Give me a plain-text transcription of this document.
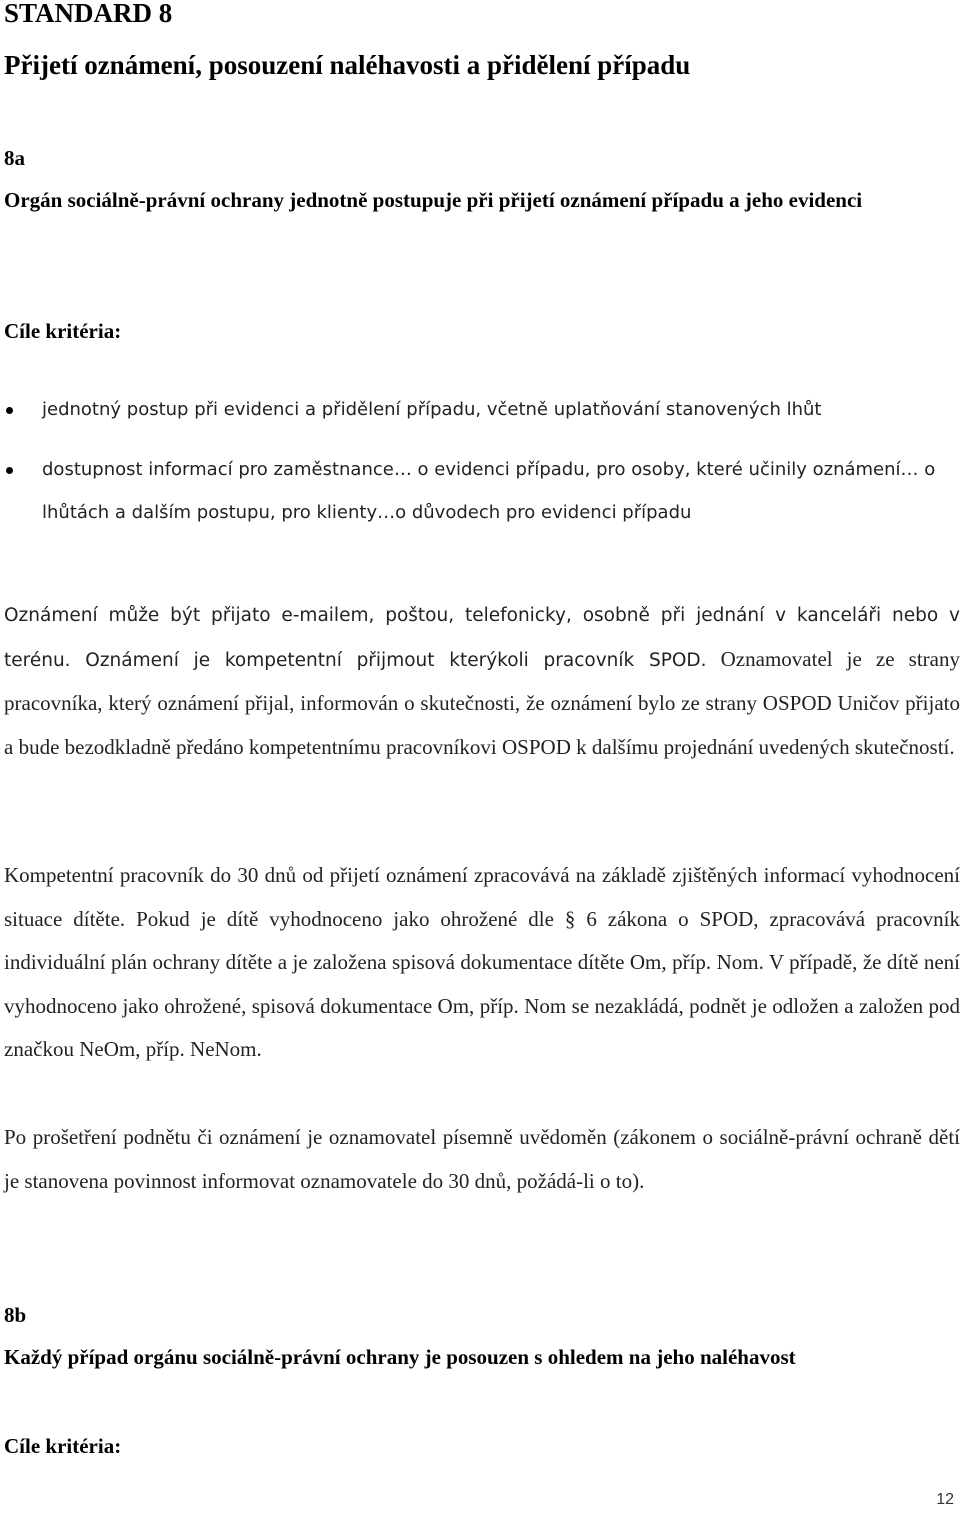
STANDARD 8
Přijetí oznámení, posouzení naléhavosti a přidělení případu
8a

Orgán sociálně-právní ochrany jednotně postupuje při přijetí oznámení případu a jeho evidenci

Cíle kritéria:
jednotný postup při evidenci a přidělení případu, včetně uplatňování stanovených lhůt
dostupnost informací pro zaměstnance… o evidenci případu, pro osoby, které učinily oznámení… o lhůtách a dalším postupu, pro klienty…o důvodech pro evidenci případu

Oznámení může být přijato e-mailem, poštou, telefonicky, osobně při jednání v kanceláři nebo v terénu. Oznámení je kompetentní přijmout kterýkoli pracovník SPOD. Oznamovatel je ze strany pracovníka, který oznámení přijal, informován o skutečnosti, že oznámení bylo ze strany OSPOD Uničov přijato a bude bezodkladně předáno kompetentnímu pracovníkovi OSPOD k dalšímu projednání uvedených skutečností.

Kompetentní pracovník do 30 dnů od přijetí oznámení zpracovává na základě zjištěných informací vyhodnocení situace dítěte. Pokud je dítě vyhodnoceno jako ohrožené dle § 6 zákona o SPOD, zpracovává pracovník individuální plán ochrany dítěte a je založena spisová dokumentace dítěte Om, příp. Nom. V případě, že dítě není vyhodnoceno jako ohrožené, spisová dokumentace Om, příp. Nom se nezakládá, podnět je odložen a založen pod značkou NeOm, příp. NeNom.

Po prošetření podnětu či oznámení je oznamovatel písemně uvědoměn (zákonem o sociálně-právní ochraně dětí je stanovena povinnost informovat oznamovatele do 30 dnů, požádá-li o to).

8b

Každý případ orgánu sociálně-právní ochrany je posouzen s ohledem na jeho naléhavost

Cíle kritéria:
12
